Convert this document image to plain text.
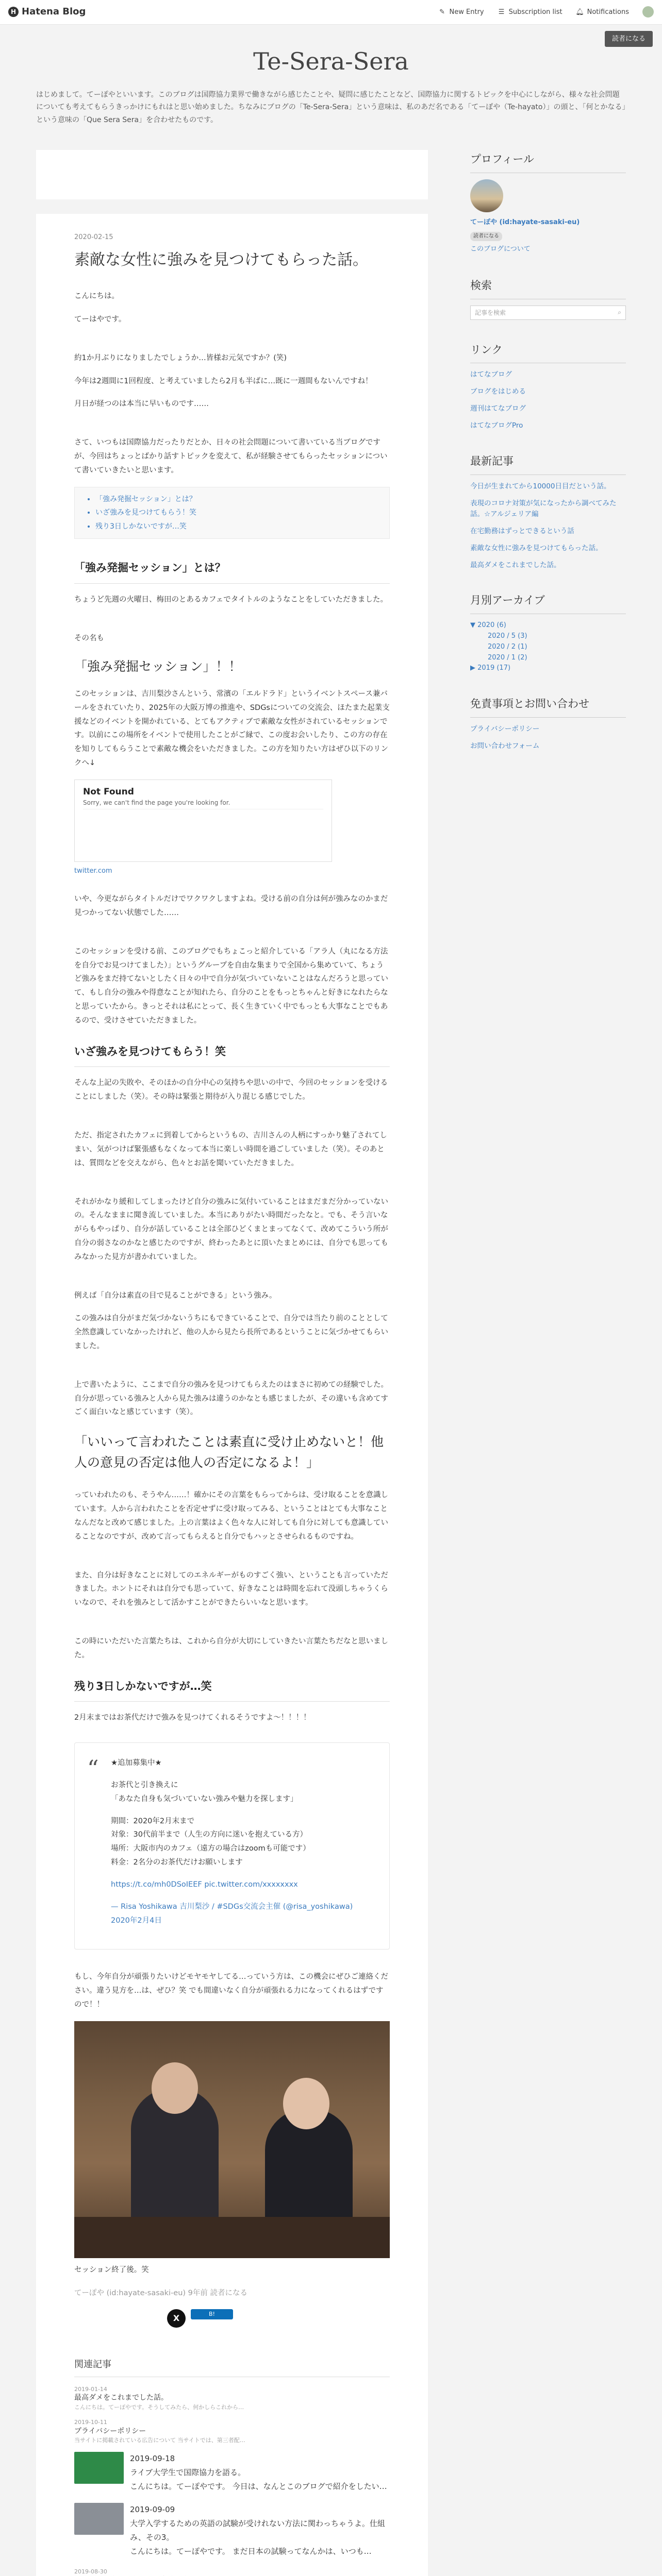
H Hatena Blog	✎ New Entry ☰ Subscription list 🔔︎ Notifications
読者になる
Te-Sera-Sera
はじめまして。てーぽやといいます。このブログは国際協力業界で働きながら感じたことや、疑問に感じたことなど、国際協力に関するトピックを中心にしながら、様々な社会問題についても考えてもらうきっかけにもれはと思い始めました。ちなみにブログの「Te-Sera-Sera」という意味は、私のあだ名である「てーぽや（Te-hayato）」の頭と、「何とかなる」という意味の「Que Sera Sera」を合わせたものです。
2020-02-15
素敵な女性に強みを見つけてもらった話。

こんにちは。

てーはやです。

約1か月ぶりになりましたでしょうか…皆様お元気ですか？(笑)

今年は2週間に1回程度、と考えていましたら2月も半ばに…既に一週間もないんですね！

月日が経つのは本当に早いものです……

さて、いつもは国際協力だったりだとか、日々の社会問題について書いている当ブログですが、今回はちょっとばかり話すトピックを変えて、私が経験させてもらったセッションについて書いていきたいと思います。

• 「強み発掘セッション」とは？
• いざ強みを見つけてもらう！笑
• 残り3日しかないですが…笑
「強み発掘セッション」とは？

ちょうど先週の火曜日、梅田のとあるカフェでタイトルのようなことをしていただきました。

その名も

「強み発掘セッション」！！

このセッションは、吉川梨沙さんという、常濱の「エルドラド」というイベントスペース兼バールをされていたり、2025年の大阪万博の推進や、SDGsについての交流会、ほたまた起業支援などのイベントを開かれている、とてもアクティブで素敵な女性がされているセッションです。以前にこの場所をイベントで使用したことがご縁で、この度お会いしたり、この方の存在を知りしてもらうことで素敵な機会をいただきました。この方を知りたい方はぜひ以下のリンクへ↓

Not Found
Sorry, we can't find the page you're looking for.
twitter.com

いや、今更ながらタイトルだけでワクワクしますよね。受ける前の自分は何が強みなのかまだ見つかってない状態でした……

このセッションを受ける前、このブログでもちょこっと紹介している「アラ人（丸になる方法を自分でお見つけてました）」というグループを自由な集まりで全国から集めていて、ちょうど強みをまだ持てないとしたく日々の中で自分が気づいていないことはなんだろうと思っていて、もし自分の強みや得意なことが知れたら、自分のことをもっとちゃんと好きになれたらなと思っていたから。きっとそれは私にとって、長く生きていく中でもっとも大事なことでもあるので、受けさせていただきました。

いざ強みを見つけてもらう！笑

そんな上記の失敗や、そのほかの自分中心の気持ちや思いの中で、今回のセッションを受けることにしました（笑）。その時は緊張と期待が入り混じる感じでした。

ただ、指定されたカフェに到着してからというもの、吉川さんの人柄にすっかり魅了されてしまい、気がつけば緊張感もなくなって本当に楽しい時間を過ごしていました（笑）。そのあとは、質問などを交えながら、色々とお話を聞いていただきました。

それがかなり緩和してしまったけど自分の強みに気付いていることはまだまだ分かっていないの。そんなままに聞き流していました。本当にありがたい時間だったなと。でも、そう言いながらもやっぱり、自分が話していることは全部ひどくまとまってなくて、改めてこういう所が自分の弱さなのかなと感じたのですが、終わったあとに頂いたまとめには、自分でも思ってもみなかった見方が書かれていました。

例えば「自分は素直の目で見ることができる」という強み。

この強みは自分がまだ気づかないうちにもできていることで、自分では当たり前のこととして全然意識していなかったけれど、他の人から見たら長所であるということに気づかせてもらいました。

上で書いたように、ここまで自分の強みを見つけてもらえたのはまさに初めての経験でした。自分が思っている強みと人から見た強みは違うのかなとも感じましたが、その違いも含めてすごく面白いなと感じています（笑）。

「いいって言われたことは素直に受け止めないと！他人の意見の否定は他人の否定になるよ！」

っていわれたのも、そうやん……！確かにその言葉をもらってからは、受け取ることを意識しています。人から言われたことを否定せずに受け取ってみる、ということはとても大事なことなんだなと改めて感じました。上の言葉はよく色々な人に対しても自分に対しても意識していることなのですが、改めて言ってもらえると自分でもハッとさせられるものですね。

また、自分は好きなことに対してのエネルギーがものすごく強い、ということも言っていただきました。ホントにそれは自分でも思っていて、好きなことは時間を忘れて没頭しちゃうくらいなので、それを強みとして活かすことができたらいいなと思います。

この時にいただいた言葉たちは、これから自分が大切にしていきたい言葉たちだなと思いました。

残り3日しかないですが…笑

2月末まではお茶代だけで強みを見つけてくれるそうですよ〜！！！！

“ ★追加募集中★

お茶代と引き換えに
「あなた自身も気づいていない強みや魅力を探します」

期間：2020年2月末まで
対象：30代前半まで（人生の方向に迷いを抱えている方）
場所：大阪市内のカフェ（遠方の場合はzoomも可能です）
料金：2名分のお茶代だけお願いします

https://t.co/mh0DSoIEEF pic.twitter.com/xxxxxxxx

— Risa Yoshikawa 吉川梨沙 / #SDGs交流会主催 (@risa_yoshikawa) 2020年2月4日

もし、今年自分が頑張りたいけどモヤモヤしてる…っていう方は、この機会にぜひご連絡ください。違う見方を…は、ぜひ？笑 でも間違いなく自分が頑張れる力になってくれるはずですので！！

セッション終了後。笑

てーぽや (id:hayate-sasaki-eu) 9年前 読者になる

X	B!
関連記事
2019-01-14
最高ダメをこれまでした話。
こんにちは。てーぽやです。そうしてみたら、何かしらこれから…
2019-10-11
プライバシーポリシー
当サイトに掲載されている広告について 当サイトでは、第三者配…
2019-09-18
ライブ大学生で国際協力を語る。
こんにちは。てーぽやです。 今日は、なんとこのブログで紹介をしたい…
2019-09-09
大学入学するための英語の試験が受けれない方法に関わっちゃうよ。仕組み、その3。
こんにちは。てーぽやです。 まだ日本の試験ってなんかは、いつも…
2019-08-30
プロフィール
てーぽや (id:hayate-sasaki-eu)
読者になる
このブログについて
検索
記事を検索	⌕
リンク
はてなブログ
ブログをはじめる
週刊はてなブログ
はてなブログPro
最新記事
今日が生まれてから10000日目だという話。
表現のコロナ対策が気になったから調べてみた話。☆アルジェリア編
在宅勤務はずっとできるという話
素敵な女性に強みを見つけてもらった話。
最高ダメをこれまでした話。
月別アーカイブ
▼ 2020 (6)
2020 / 5 (3)
2020 / 2 (1)
2020 / 1 (2)
▶ 2019 (17)
免責事項とお問い合わせ
プライバシーポリシー
お問い合わせフォーム
